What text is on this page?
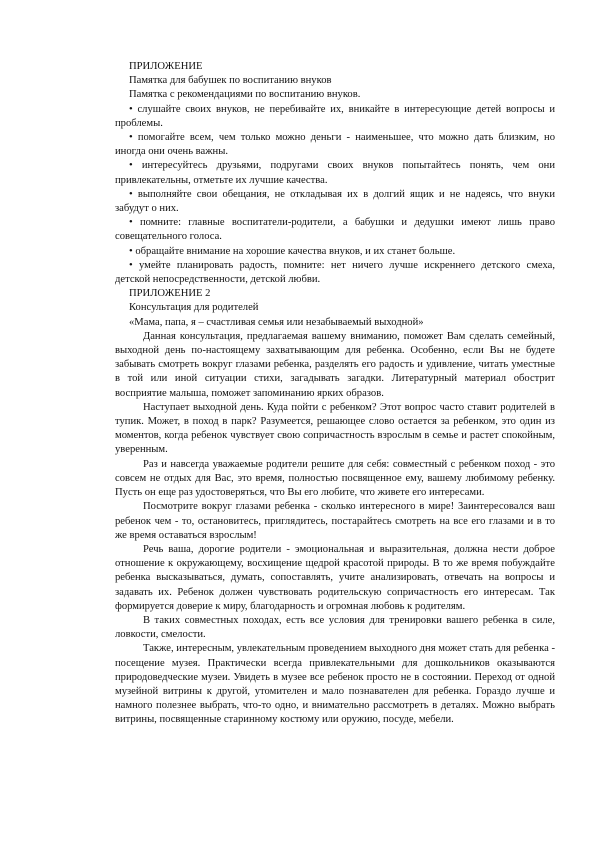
ПРИЛОЖЕНИЕ
Памятка для бабушек по воспитанию внуков
Памятка с рекомендациями по воспитанию внуков.

• слушайте своих внуков, не перебивайте их, вникайте в интересующие детей вопросы и проблемы.

• помогайте всем, чем только можно деньги - наименьшее, что можно дать близким, но иногда они очень важны.

• интересуйтесь друзьями, подругами своих внуков попытайтесь понять, чем они привлекательны, отметьте их лучшие качества.

• выполняйте свои обещания, не откладывая их в долгий ящик и не надеясь, что внуки забудут о них.

• помните: главные воспитатели-родители, а бабушки и дедушки имеют лишь право совещательного голоса.

• обращайте внимание на хорошие качества внуков, и их станет больше.

• умейте планировать радость, помните: нет ничего лучше искреннего детского смеха, детской непосредственности, детской любви.

ПРИЛОЖЕНИЕ 2
Консультация для родителей
«Мама, папа, я – счастливая семья или незабываемый выходной»

Данная консультация, предлагаемая вашему вниманию, поможет Вам сделать семейный, выходной день по-настоящему захватывающим для ребенка. Особенно, если Вы не будете забывать смотреть вокруг глазами ребенка, разделять его радость и удивление, читать уместные в той или иной ситуации стихи, загадывать загадки. Литературный материал обострит восприятие малыша, поможет запоминанию ярких образов.

Наступает выходной день. Куда пойти с ребенком? Этот вопрос часто ставит родителей в тупик. Может, в поход в парк? Разумеется, решающее слово остается за ребенком, это один из моментов, когда ребенок чувствует свою сопричастность взрослым в семье и растет спокойным, уверенным.

Раз и навсегда уважаемые родители решите для себя: совместный с ребенком поход - это совсем не отдых для Вас, это время, полностью посвященное ему, вашему любимому ребенку. Пусть он еще раз удостоверяться, что Вы его любите, что живете его интересами.

Посмотрите вокруг глазами ребенка - сколько интересного в мире! Заинтересовался ваш ребенок чем - то, остановитесь, приглядитесь, постарайтесь смотреть на все его глазами и в то же время оставаться взрослым!

Речь ваша, дорогие родители - эмоциональная и выразительная, должна нести доброе отношение к окружающему, восхищение щедрой красотой природы. В то же время побуждайте ребенка высказываться, думать, сопоставлять, учите анализировать, отвечать на вопросы и задавать их. Ребенок должен чувствовать родительскую сопричастность его интересам. Так формируется доверие к миру, благодарность и огромная любовь к родителям.

В таких совместных походах, есть все условия для тренировки вашего ребенка в силе, ловкости, смелости.

Также, интересным, увлекательным проведением выходного дня может стать для ребенка - посещение музея. Практически всегда привлекательными для дошкольников оказываются природоведческие музеи. Увидеть в музее все ребенок просто не в состоянии. Переход от одной музейной витрины к другой, утомителен и мало познавателен для ребенка. Гораздо лучше и намного полезнее выбрать, что-то одно, и внимательно рассмотреть в деталях. Можно выбрать витрины, посвященные старинному костюму или оружию, посуде, мебели.
